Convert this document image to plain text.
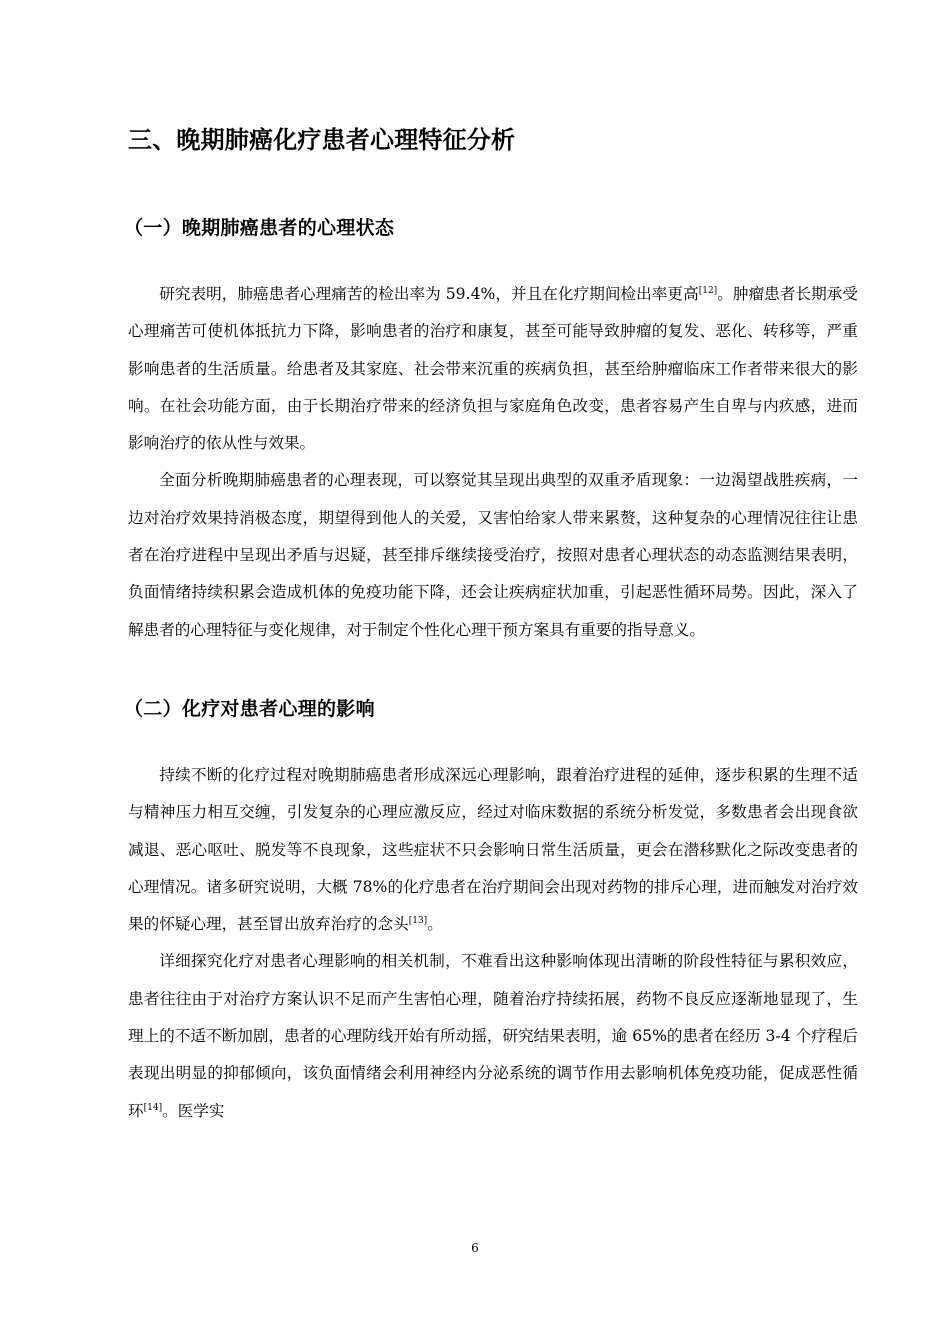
三、晚期肺癌化疗患者心理特征分析
（一）晚期肺癌患者的心理状态

研究表明，肺癌患者心理痛苦的检出率为 59.4%，并且在化疗期间检出率更高[12]。肿瘤患者长期承受心理痛苦可使机体抵抗力下降，影响患者的治疗和康复，甚至可能导致肿瘤的复发、恶化、转移等，严重影响患者的生活质量。给患者及其家庭、社会带来沉重的疾病负担，甚至给肿瘤临床工作者带来很大的影响。在社会功能方面，由于长期治疗带来的经济负担与家庭角色改变，患者容易产生自卑与内疚感，进而影响治疗的依从性与效果。

全面分析晚期肺癌患者的心理表现，可以察觉其呈现出典型的双重矛盾现象：一边渴望战胜疾病，一边对治疗效果持消极态度，期望得到他人的关爱，又害怕给家人带来累赘，这种复杂的心理情况往往让患者在治疗进程中呈现出矛盾与迟疑，甚至排斥继续接受治疗，按照对患者心理状态的动态监测结果表明，负面情绪持续积累会造成机体的免疫功能下降，还会让疾病症状加重，引起恶性循环局势。因此，深入了解患者的心理特征与变化规律，对于制定个性化心理干预方案具有重要的指导意义。

（二）化疗对患者心理的影响

持续不断的化疗过程对晚期肺癌患者形成深远心理影响，跟着治疗进程的延伸，逐步积累的生理不适与精神压力相互交缠，引发复杂的心理应激反应，经过对临床数据的系统分析发觉，多数患者会出现食欲减退、恶心呕吐、脱发等不良现象，这些症状不只会影响日常生活质量，更会在潜移默化之际改变患者的心理情况。诸多研究说明，大概 78%的化疗患者在治疗期间会出现对药物的排斥心理，进而触发对治疗效果的怀疑心理，甚至冒出放弃治疗的念头[13]。

详细探究化疗对患者心理影响的相关机制，不难看出这种影响体现出清晰的阶段性特征与累积效应，患者往往由于对治疗方案认识不足而产生害怕心理，随着治疗持续拓展，药物不良反应逐渐地显现了，生理上的不适不断加剧，患者的心理防线开始有所动摇，研究结果表明，逾 65%的患者在经历 3-4 个疗程后表现出明显的抑郁倾向，该负面情绪会利用神经内分泌系统的调节作用去影响机体免疫功能，促成恶性循环[14]。医学实

6
